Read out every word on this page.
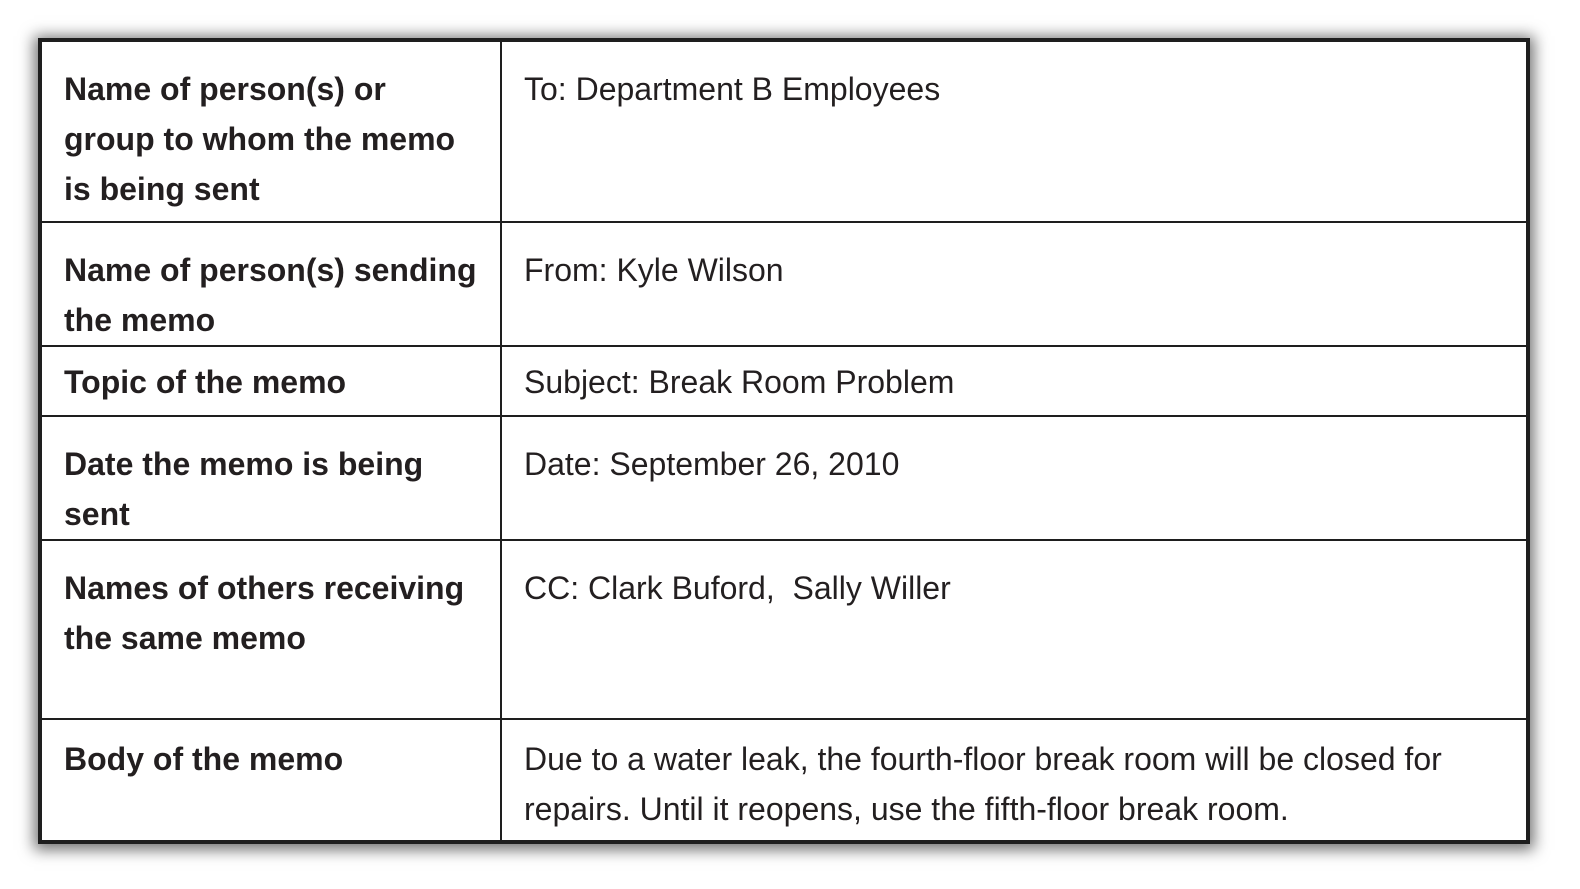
Name of person(s) or group to whom the memo is being sent	To: Department B Employees
Name of person(s) sending the memo	From: Kyle Wilson
Topic of the memo	Subject: Break Room Problem
Date the memo is being sent	Date: September 26, 2010
Names of others receiving the same memo	CC: Clark Buford,  Sally Willer
Body of the memo	Due to a water leak, the fourth-floor break room will be closed for repairs. Until it reopens, use the fifth-floor break room.
